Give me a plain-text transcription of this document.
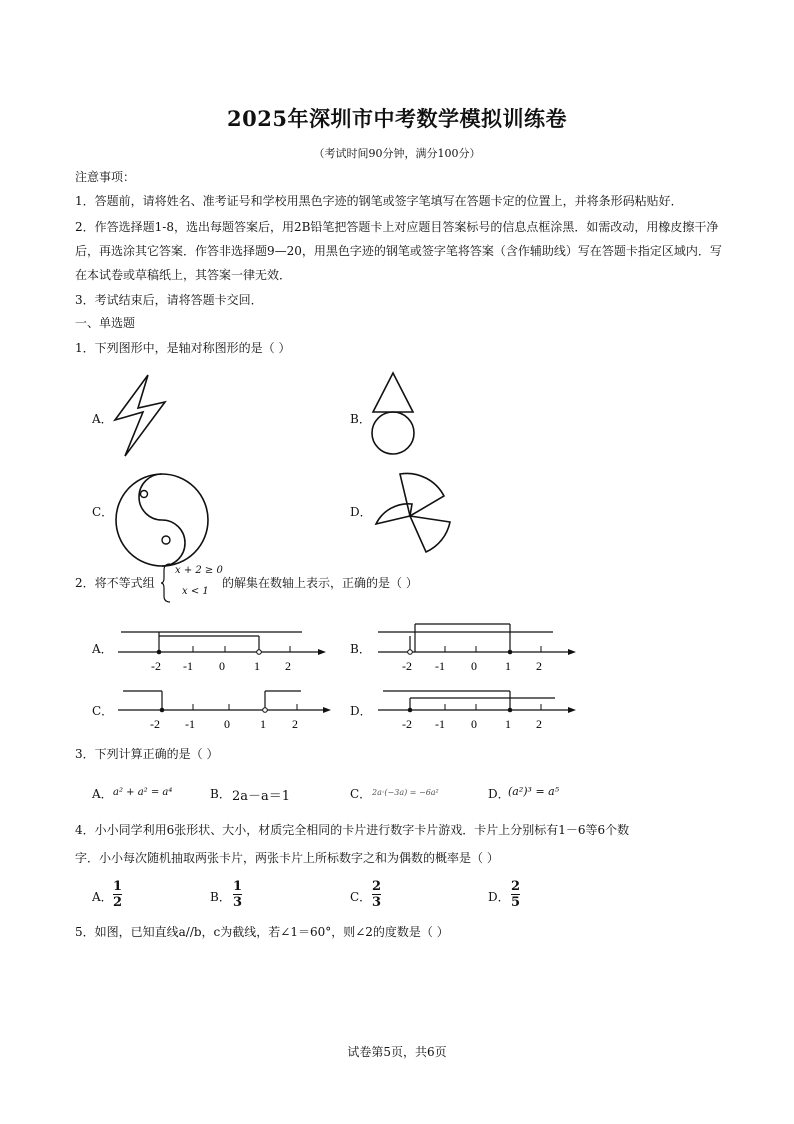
2025年深圳市中考数学模拟训练卷
（考试时间90分钟，满分100分）
注意事项：
1．答题前，请将姓名、准考证号和学校用黑色字迹的钢笔或签字笔填写在答题卡定的位置上，并将条形码粘贴好．
2．作答选择题1-8，选出每题答案后，用2B铅笔把答题卡上对应题目答案标号的信息点框涂黑．如需改动，用橡皮擦干净
后，再选涂其它答案．作答非选择题9—20，用黑色字迹的钢笔或签字笔将答案（含作辅助线）写在答题卡指定区域内．写
在本试卷或草稿纸上，其答案一律无效．
3．考试结束后，请将答题卡交回．
一、单选题
1．下列图形中，是轴对称图形的是（ ）
A．	B．
C．	D．
2．将不等式组
x + 2 ≥ 0
x < 1
的解集在数轴上表示，正确的是（ ）
A．	B．
C．	D．
-2 -1 0 1 2	-2 -1 0 1 2
-2 -1 0	1 2	-2 -1 0 1 2
3．下列计算正确的是（ ）
A． a² + a² = a⁴	B． 2a－a＝1	C． 2a·(−3a) = −6a²	D．
(a²)³ = a⁵
4．小小同学利用6张形状、大小，材质完全相同的卡片进行数字卡片游戏．卡片上分别标有1－6等6个数
字．小小每次随机抽取两张卡片，两张卡片上所标数字之和为偶数的概率是（ ）
A．
1
2	B．
1
3	C．
2
3	D．
2
5
5．如图，已知直线a//b，c为截线，若∠1＝60°，则∠2的度数是（ ）
试卷第5页，共6页
